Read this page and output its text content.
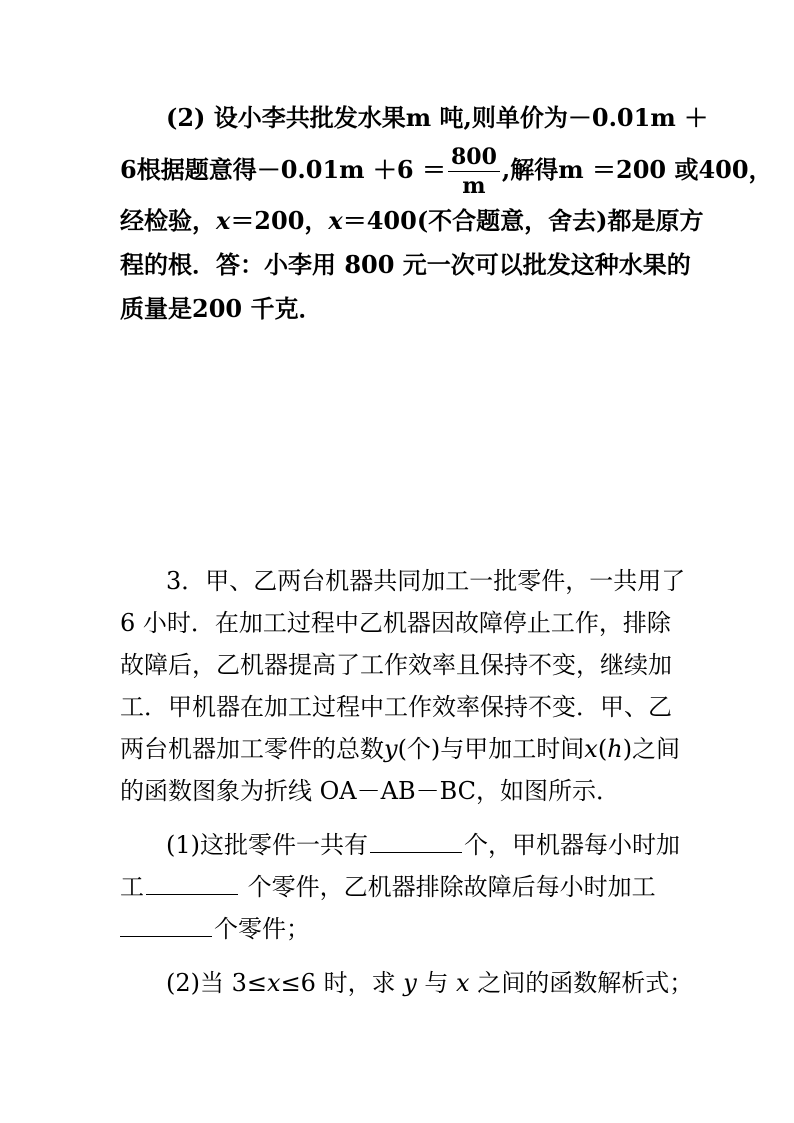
(2) 设小李共批发水果m 吨,则单价为－0.01m ＋
6根据题意得$-0.01m +6 = \frac{800}{m}$ ,解得m ＝200 或400，
经检验，x＝200，x＝400(不合题意，舍去)都是原方
程的根．答：小李用 800 元一次可以批发这种水果的
质量是200 千克．
3．甲、乙两台机器共同加工一批零件，一共用了
6 小时．在加工过程中乙机器因故障停止工作，排除
故障后，乙机器提高了工作效率且保持不变，继续加
工．甲机器在加工过程中工作效率保持不变．甲、乙
两台机器加工零件的总数y(个)与甲加工时间x(h)之间
的函数图象为折线 OA－AB－BC，如图所示．
(1)这批零件一共有	个，甲机器每小时加
工	个零件，乙机器排除故障后每小时加工
个零件；
(2)当 3≤x≤6 时，求 y 与 x 之间的函数解析式；
